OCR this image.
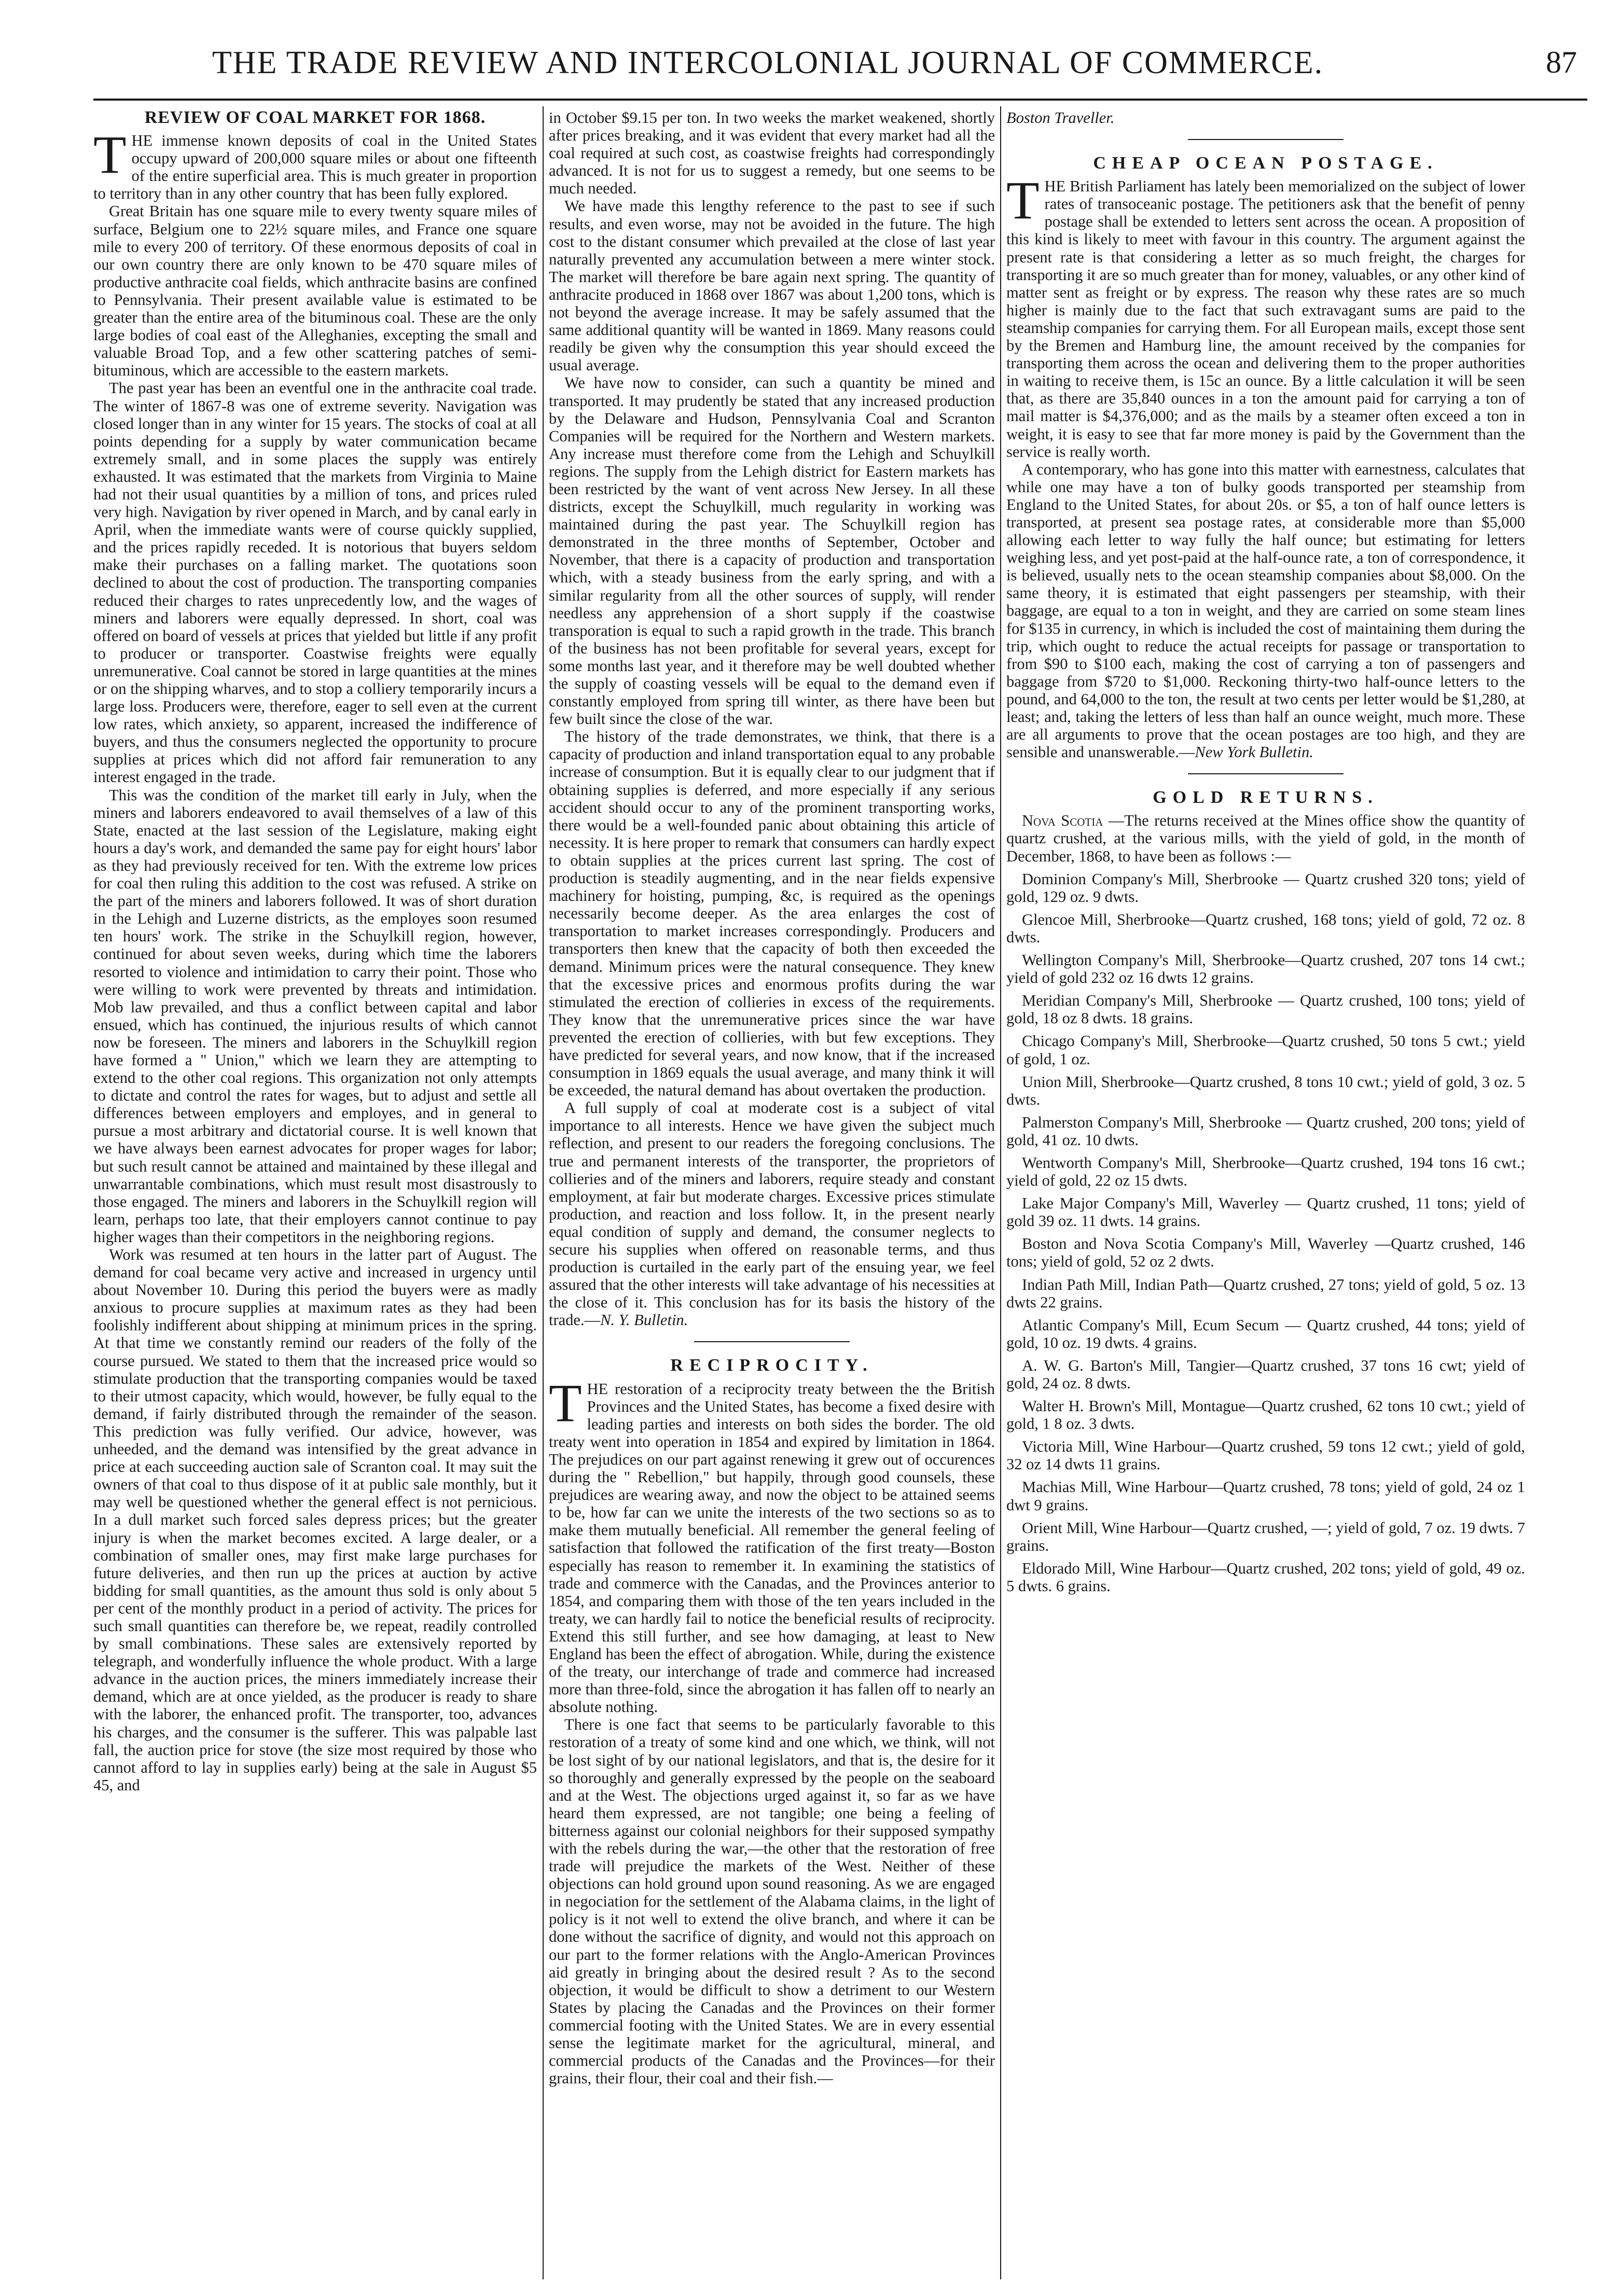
THE TRADE REVIEW AND INTERCOLONIAL JOURNAL OF COMMERCE.	87
REVIEW OF COAL MARKET FOR 1868.

THE immense known deposits of coal in the United States occupy upward of 200,000 square miles or about one fifteenth of the entire superficial area. This is much greater in proportion to territory than in any other country that has been fully explored.

Great Britain has one square mile to every twenty square miles of surface, Belgium one to 22½ square miles, and France one square mile to every 200 of territory. Of these enormous deposits of coal in our own country there are only known to be 470 square miles of productive anthracite coal fields, which anthracite basins are confined to Pennsylvania. Their present available value is estimated to be greater than the entire area of the bituminous coal. These are the only large bodies of coal east of the Alleghanies, excepting the small and valuable Broad Top, and a few other scattering patches of semi-bituminous, which are accessible to the eastern markets.

The past year has been an eventful one in the anthracite coal trade. The winter of 1867-8 was one of extreme severity. Navigation was closed longer than in any winter for 15 years. The stocks of coal at all points depending for a supply by water communication became extremely small, and in some places the supply was entirely exhausted. It was estimated that the markets from Virginia to Maine had not their usual quantities by a million of tons, and prices ruled very high. Navigation by river opened in March, and by canal early in April, when the immediate wants were of course quickly supplied, and the prices rapidly receded. It is notorious that buyers seldom make their purchases on a falling market. The quotations soon declined to about the cost of production. The transporting companies reduced their charges to rates unprecedently low, and the wages of miners and laborers were equally depressed. In short, coal was offered on board of vessels at prices that yielded but little if any profit to producer or transporter. Coastwise freights were equally unremunerative. Coal cannot be stored in large quantities at the mines or on the shipping wharves, and to stop a colliery temporarily incurs a large loss. Producers were, therefore, eager to sell even at the current low rates, which anxiety, so apparent, increased the indifference of buyers, and thus the consumers neglected the opportunity to procure supplies at prices which did not afford fair remuneration to any interest engaged in the trade.

This was the condition of the market till early in July, when the miners and laborers endeavored to avail themselves of a law of this State, enacted at the last session of the Legislature, making eight hours a day's work, and demanded the same pay for eight hours' labor as they had previously received for ten. With the extreme low prices for coal then ruling this addition to the cost was refused. A strike on the part of the miners and laborers followed. It was of short duration in the Lehigh and Luzerne districts, as the employes soon resumed ten hours' work. The strike in the Schuylkill region, however, continued for about seven weeks, during which time the laborers resorted to violence and intimidation to carry their point. Those who were willing to work were prevented by threats and intimidation. Mob law prevailed, and thus a conflict between capital and labor ensued, which has continued, the injurious results of which cannot now be foreseen. The miners and laborers in the Schuylkill region have formed a " Union," which we learn they are attempting to extend to the other coal regions. This organization not only attempts to dictate and control the rates for wages, but to adjust and settle all differences between employers and employes, and in general to pursue a most arbitrary and dictatorial course. It is well known that we have always been earnest advocates for proper wages for labor; but such result cannot be attained and maintained by these illegal and unwarrantable combinations, which must result most disastrously to those engaged. The miners and laborers in the Schuylkill region will learn, perhaps too late, that their employers cannot continue to pay higher wages than their competitors in the neighboring regions.

Work was resumed at ten hours in the latter part of August. The demand for coal became very active and increased in urgency until about November 10. During this period the buyers were as madly anxious to procure supplies at maximum rates as they had been foolishly indifferent about shipping at minimum prices in the spring. At that time we constantly remind our readers of the folly of the course pursued. We stated to them that the increased price would so stimulate production that the transporting companies would be taxed to their utmost capacity, which would, however, be fully equal to the demand, if fairly distributed through the remainder of the season. This prediction was fully verified. Our advice, however, was unheeded, and the demand was intensified by the great advance in price at each succeeding auction sale of Scranton coal. It may suit the owners of that coal to thus dispose of it at public sale monthly, but it may well be questioned whether the general effect is not pernicious. In a dull market such forced sales depress prices; but the greater injury is when the market becomes excited. A large dealer, or a combination of smaller ones, may first make large purchases for future deliveries, and then run up the prices at auction by active bidding for small quantities, as the amount thus sold is only about 5 per cent of the monthly product in a period of activity. The prices for such small quantities can therefore be, we repeat, readily controlled by small combinations. These sales are extensively reported by telegraph, and wonderfully influence the whole product. With a large advance in the auction prices, the miners immediately increase their demand, which are at once yielded, as the producer is ready to share with the laborer, the enhanced profit. The transporter, too, advances his charges, and the consumer is the sufferer. This was palpable last fall, the auction price for stove (the size most required by those who cannot afford to lay in supplies early) being at the sale in August $5 45, and

in October $9.15 per ton. In two weeks the market weakened, shortly after prices breaking, and it was evident that every market had all the coal required at such cost, as coastwise freights had correspondingly advanced. It is not for us to suggest a remedy, but one seems to be much needed.

We have made this lengthy reference to the past to see if such results, and even worse, may not be avoided in the future. The high cost to the distant consumer which prevailed at the close of last year naturally prevented any accumulation between a mere winter stock. The market will therefore be bare again next spring. The quantity of anthracite produced in 1868 over 1867 was about 1,200 tons, which is not beyond the average increase. It may be safely assumed that the same additional quantity will be wanted in 1869. Many reasons could readily be given why the consumption this year should exceed the usual average.

We have now to consider, can such a quantity be mined and transported. It may prudently be stated that any increased production by the Delaware and Hudson, Pennsylvania Coal and Scranton Companies will be required for the Northern and Western markets. Any increase must therefore come from the Lehigh and Schuylkill regions. The supply from the Lehigh district for Eastern markets has been restricted by the want of vent across New Jersey. In all these districts, except the Schuylkill, much regularity in working was maintained during the past year. The Schuylkill region has demonstrated in the three months of September, October and November, that there is a capacity of production and transportation which, with a steady business from the early spring, and with a similar regularity from all the other sources of supply, will render needless any apprehension of a short supply if the coastwise transporation is equal to such a rapid growth in the trade. This branch of the business has not been profitable for several years, except for some months last year, and it therefore may be well doubted whether the supply of coasting vessels will be equal to the demand even if constantly employed from spring till winter, as there have been but few built since the close of the war.

The history of the trade demonstrates, we think, that there is a capacity of production and inland transportation equal to any probable increase of consumption. But it is equally clear to our judgment that if obtaining supplies is deferred, and more especially if any serious accident should occur to any of the prominent transporting works, there would be a well-founded panic about obtaining this article of necessity. It is here proper to remark that consumers can hardly expect to obtain supplies at the prices current last spring. The cost of production is steadily augmenting, and in the near fields expensive machinery for hoisting, pumping, &c, is required as the openings necessarily become deeper. As the area enlarges the cost of transportation to market increases correspondingly. Producers and transporters then knew that the capacity of both then exceeded the demand. Minimum prices were the natural consequence. They knew that the excessive prices and enormous profits during the war stimulated the erection of collieries in excess of the requirements. They know that the unremunerative prices since the war have prevented the erection of collieries, with but few exceptions. They have predicted for several years, and now know, that if the increased consumption in 1869 equals the usual average, and many think it will be exceeded, the natural demand has about overtaken the production.

A full supply of coal at moderate cost is a subject of vital importance to all interests. Hence we have given the subject much reflection, and present to our readers the foregoing conclusions. The true and permanent interests of the transporter, the proprietors of collieries and of the miners and laborers, require steady and constant employment, at fair but moderate charges. Excessive prices stimulate production, and reaction and loss follow. It, in the present nearly equal condition of supply and demand, the consumer neglects to secure his supplies when offered on reasonable terms, and thus production is curtailed in the early part of the ensuing year, we feel assured that the other interests will take advantage of his necessities at the close of it. This conclusion has for its basis the history of the trade.—N. Y. Bulletin.

RECIPROCITY.

THE restoration of a reciprocity treaty between the the British Provinces and the United States, has become a fixed desire with leading parties and interests on both sides the border. The old treaty went into operation in 1854 and expired by limitation in 1864. The prejudices on our part against renewing it grew out of occurences during the " Rebellion," but happily, through good counsels, these prejudices are wearing away, and now the object to be attained seems to be, how far can we unite the interests of the two sections so as to make them mutually beneficial. All remember the general feeling of satisfaction that followed the ratification of the first treaty—Boston especially has reason to remember it. In examining the statistics of trade and commerce with the Canadas, and the Provinces anterior to 1854, and comparing them with those of the ten years included in the treaty, we can hardly fail to notice the beneficial results of reciprocity. Extend this still further, and see how damaging, at least to New England has been the effect of abrogation. While, during the existence of the treaty, our interchange of trade and commerce had increased more than three-fold, since the abrogation it has fallen off to nearly an absolute nothing.

There is one fact that seems to be particularly favorable to this restoration of a treaty of some kind and one which, we think, will not be lost sight of by our national legislators, and that is, the desire for it so thoroughly and generally expressed by the people on the seaboard and at the West. The objections urged against it, so far as we have heard them expressed, are not tangible; one being a feeling of bitterness against our colonial neighbors for their supposed sympathy with the rebels during the war,—the other that the restoration of free trade will prejudice the markets of the West. Neither of these objections can hold ground upon sound reasoning. As we are engaged in negociation for the settlement of the Alabama claims, in the light of policy is it not well to extend the olive branch, and where it can be done without the sacrifice of dignity, and would not this approach on our part to the former relations with the Anglo-American Provinces aid greatly in bringing about the desired result ? As to the second objection, it would be difficult to show a detriment to our Western States by placing the Canadas and the Provinces on their former commercial footing with the United States. We are in every essential sense the legitimate market for the agricultural, mineral, and commercial products of the Canadas and the Provinces—for their grains, their flour, their coal and their fish.—

Boston Traveller.

CHEAP OCEAN POSTAGE.

THE British Parliament has lately been memorialized on the subject of lower rates of transoceanic postage. The petitioners ask that the benefit of penny postage shall be extended to letters sent across the ocean. A proposition of this kind is likely to meet with favour in this country. The argument against the present rate is that considering a letter as so much freight, the charges for transporting it are so much greater than for money, valuables, or any other kind of matter sent as freight or by express. The reason why these rates are so much higher is mainly due to the fact that such extravagant sums are paid to the steamship companies for carrying them. For all European mails, except those sent by the Bremen and Hamburg line, the amount received by the companies for transporting them across the ocean and delivering them to the proper authorities in waiting to receive them, is 15c an ounce. By a little calculation it will be seen that, as there are 35,840 ounces in a ton the amount paid for carrying a ton of mail matter is $4,376,000; and as the mails by a steamer often exceed a ton in weight, it is easy to see that far more money is paid by the Government than the service is really worth.

A contemporary, who has gone into this matter with earnestness, calculates that while one may have a ton of bulky goods transported per steamship from England to the United States, for about 20s. or $5, a ton of half ounce letters is transported, at present sea postage rates, at considerable more than $5,000 allowing each letter to way fully the half ounce; but estimating for letters weighing less, and yet post-paid at the half-ounce rate, a ton of correspondence, it is believed, usually nets to the ocean steamship companies about $8,000. On the same theory, it is estimated that eight passengers per steamship, with their baggage, are equal to a ton in weight, and they are carried on some steam lines for $135 in currency, in which is included the cost of maintaining them during the trip, which ought to reduce the actual receipts for passage or transportation to from $90 to $100 each, making the cost of carrying a ton of passengers and baggage from $720 to $1,000. Reckoning thirty-two half-ounce letters to the pound, and 64,000 to the ton, the result at two cents per letter would be $1,280, at least; and, taking the letters of less than half an ounce weight, much more. These are all arguments to prove that the ocean postages are too high, and they are sensible and unanswerable.—New York Bulletin.

GOLD RETURNS.

Nova Scotia —The returns received at the Mines office show the quantity of quartz crushed, at the various mills, with the yield of gold, in the month of December, 1868, to have been as follows :—

Dominion Company's Mill, Sherbrooke — Quartz crushed 320 tons; yield of gold, 129 oz. 9 dwts.

Glencoe Mill, Sherbrooke—Quartz crushed, 168 tons; yield of gold, 72 oz. 8 dwts.

Wellington Company's Mill, Sherbrooke—Quartz crushed, 207 tons 14 cwt.; yield of gold 232 oz 16 dwts 12 grains.

Meridian Company's Mill, Sherbrooke — Quartz crushed, 100 tons; yield of gold, 18 oz 8 dwts. 18 grains.

Chicago Company's Mill, Sherbrooke—Quartz crushed, 50 tons 5 cwt.; yield of gold, 1 oz.

Union Mill, Sherbrooke—Quartz crushed, 8 tons 10 cwt.; yield of gold, 3 oz. 5 dwts.

Palmerston Company's Mill, Sherbrooke — Quartz crushed, 200 tons; yield of gold, 41 oz. 10 dwts.

Wentworth Company's Mill, Sherbrooke—Quartz crushed, 194 tons 16 cwt.; yield of gold, 22 oz 15 dwts.

Lake Major Company's Mill, Waverley — Quartz crushed, 11 tons; yield of gold 39 oz. 11 dwts. 14 grains.

Boston and Nova Scotia Company's Mill, Waverley —Quartz crushed, 146 tons; yield of gold, 52 oz 2 dwts.

Indian Path Mill, Indian Path—Quartz crushed, 27 tons; yield of gold, 5 oz. 13 dwts 22 grains.

Atlantic Company's Mill, Ecum Secum — Quartz crushed, 44 tons; yield of gold, 10 oz. 19 dwts. 4 grains.

A. W. G. Barton's Mill, Tangier—Quartz crushed, 37 tons 16 cwt; yield of gold, 24 oz. 8 dwts.

Walter H. Brown's Mill, Montague—Quartz crushed, 62 tons 10 cwt.; yield of gold, 1 8 oz. 3 dwts.

Victoria Mill, Wine Harbour—Quartz crushed, 59 tons 12 cwt.; yield of gold, 32 oz 14 dwts 11 grains.

Machias Mill, Wine Harbour—Quartz crushed, 78 tons; yield of gold, 24 oz 1 dwt 9 grains.

Orient Mill, Wine Harbour—Quartz crushed, —; yield of gold, 7 oz. 19 dwts. 7 grains.

Eldorado Mill, Wine Harbour—Quartz crushed, 202 tons; yield of gold, 49 oz. 5 dwts. 6 grains.
